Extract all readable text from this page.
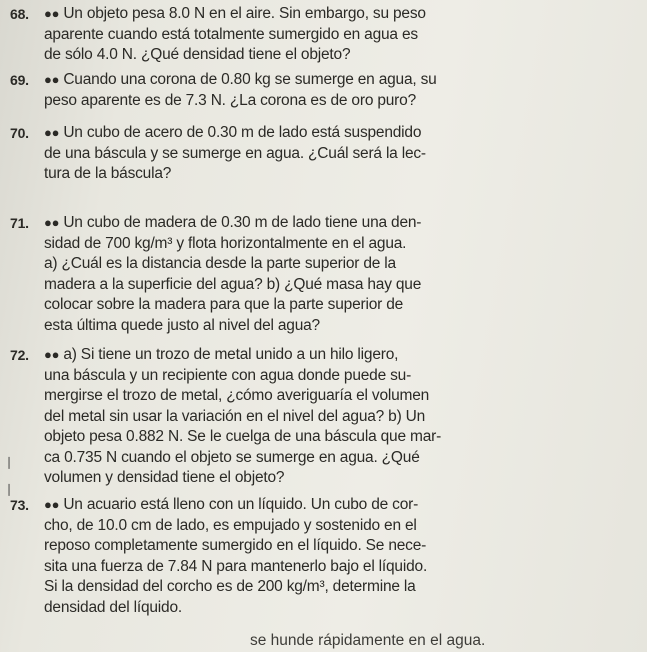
68.	●● Un objeto pesa 8.0 N en el aire. Sin embargo, su peso
aparente cuando está totalmente sumergido en agua es
de sólo 4.0 N. ¿Qué densidad tiene el objeto?
69.	●● Cuando una corona de 0.80 kg se sumerge en agua, su
peso aparente es de 7.3 N. ¿La corona es de oro puro?
70.	●● Un cubo de acero de 0.30 m de lado está suspendido
de una báscula y se sumerge en agua. ¿Cuál será la lec-
tura de la báscula?
71.	●● Un cubo de madera de 0.30 m de lado tiene una den-
sidad de 700 kg/m³ y flota horizontalmente en el agua.
a) ¿Cuál es la distancia desde la parte superior de la
madera a la superficie del agua? b) ¿Qué masa hay que
colocar sobre la madera para que la parte superior de
esta última quede justo al nivel del agua?
72.	●● a) Si tiene un trozo de metal unido a un hilo ligero,
una báscula y un recipiente con agua donde puede su-
mergirse el trozo de metal, ¿cómo averiguaría el volumen
del metal sin usar la variación en el nivel del agua? b) Un
objeto pesa 0.882 N. Se le cuelga de una báscula que mar-
ca 0.735 N cuando el objeto se sumerge en agua. ¿Qué
volumen y densidad tiene el objeto?
73.	●● Un acuario está lleno con un líquido. Un cubo de cor-
cho, de 10.0 cm de lado, es empujado y sostenido en el
reposo completamente sumergido en el líquido. Se nece-
sita una fuerza de 7.84 N para mantenerlo bajo el líquido.
Si la densidad del corcho es de 200 kg/m³, determine la
densidad del líquido.
❘
❘
se hunde rápidamente en el agua.
